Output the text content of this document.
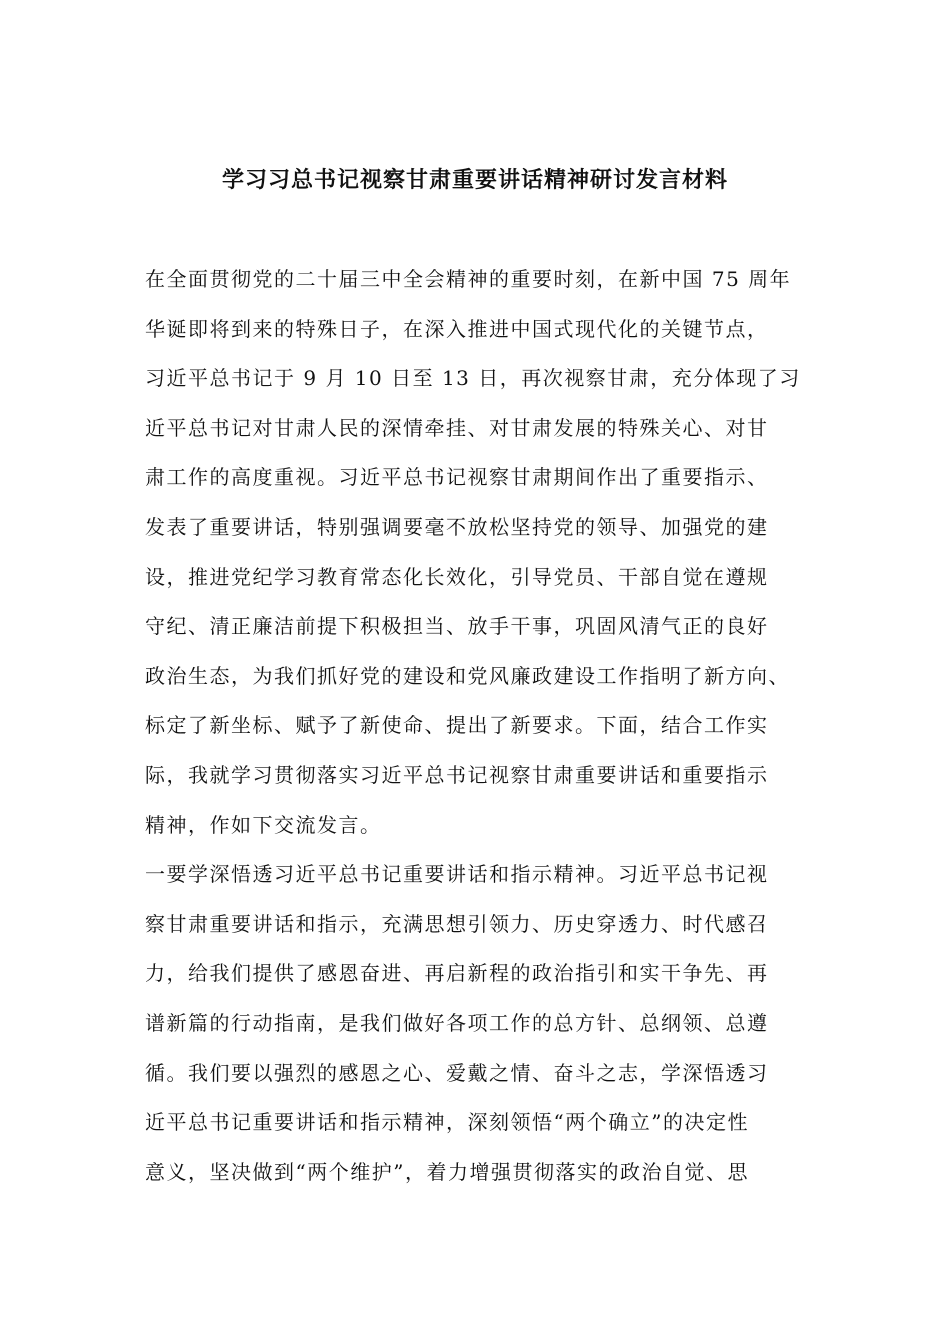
学习习总书记视察甘肃重要讲话精神研讨发言材料
在全面贯彻党的二十届三中全会精神的重要时刻，在新中国 75 周年
华诞即将到来的特殊日子，在深入推进中国式现代化的关键节点，
习近平总书记于 9 月 10 日至 13 日，再次视察甘肃，充分体现了习
近平总书记对甘肃人民的深情牵挂、对甘肃发展的特殊关心、对甘
肃工作的高度重视。习近平总书记视察甘肃期间作出了重要指示、
发表了重要讲话，特别强调要毫不放松坚持党的领导、加强党的建
设，推进党纪学习教育常态化长效化，引导党员、干部自觉在遵规
守纪、清正廉洁前提下积极担当、放手干事，巩固风清气正的良好
政治生态，为我们抓好党的建设和党风廉政建设工作指明了新方向、
标定了新坐标、赋予了新使命、提出了新要求。下面，结合工作实
际，我就学习贯彻落实习近平总书记视察甘肃重要讲话和重要指示
精神，作如下交流发言。
一要学深悟透习近平总书记重要讲话和指示精神。习近平总书记视
察甘肃重要讲话和指示，充满思想引领力、历史穿透力、时代感召
力，给我们提供了感恩奋进、再启新程的政治指引和实干争先、再
谱新篇的行动指南，是我们做好各项工作的总方针、总纲领、总遵
循。我们要以强烈的感恩之心、爱戴之情、奋斗之志，学深悟透习
近平总书记重要讲话和指示精神，深刻领悟“两个确立”的决定性
意义，坚决做到“两个维护”，着力增强贯彻落实的政治自觉、思
